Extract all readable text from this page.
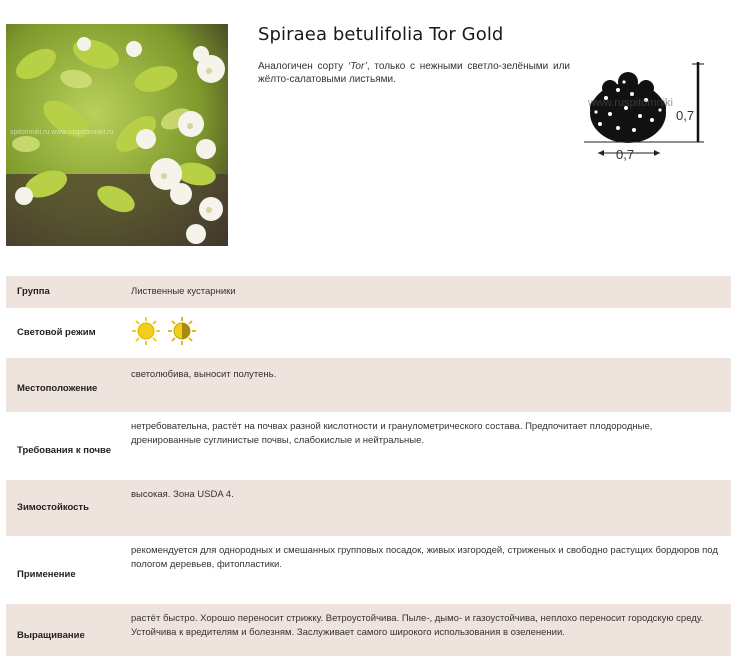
spitomniki.ru www.ruspitomniki.ru
Spiraea betulifolia Tor Gold
Аналогичен сорту ‘Tor’, только с нежными светло-зелёными или жёлто-салатовыми листьями.
www.ruspitomniki
0,7
0,7
Группа	Лиственные кустарники
Световой режим	

Местоположение	светолюбива, выносит полутень.
Требования к почве	нетребовательна, растёт на почвах разной кислотности и гранулометрического состава. Предпочитает плодородные, дренированные суглинистые почвы, слабокислые и нейтральные.
Зимостойкость	высокая. Зона USDA 4.
Применение	рекомендуется для однородных и смешанных групповых посадок, живых изгородей, стриженых и свободно растущих бордюров под пологом деревьев, фитопластики.
Выращивание	растёт быстро. Хорошо переносит стрижку. Ветроустойчива. Пыле-, дымо- и газоустойчива, неплохо переносит городскую среду. Устойчива к вредителям и болезням. Заслуживает самого широкого использования в озеленении.
